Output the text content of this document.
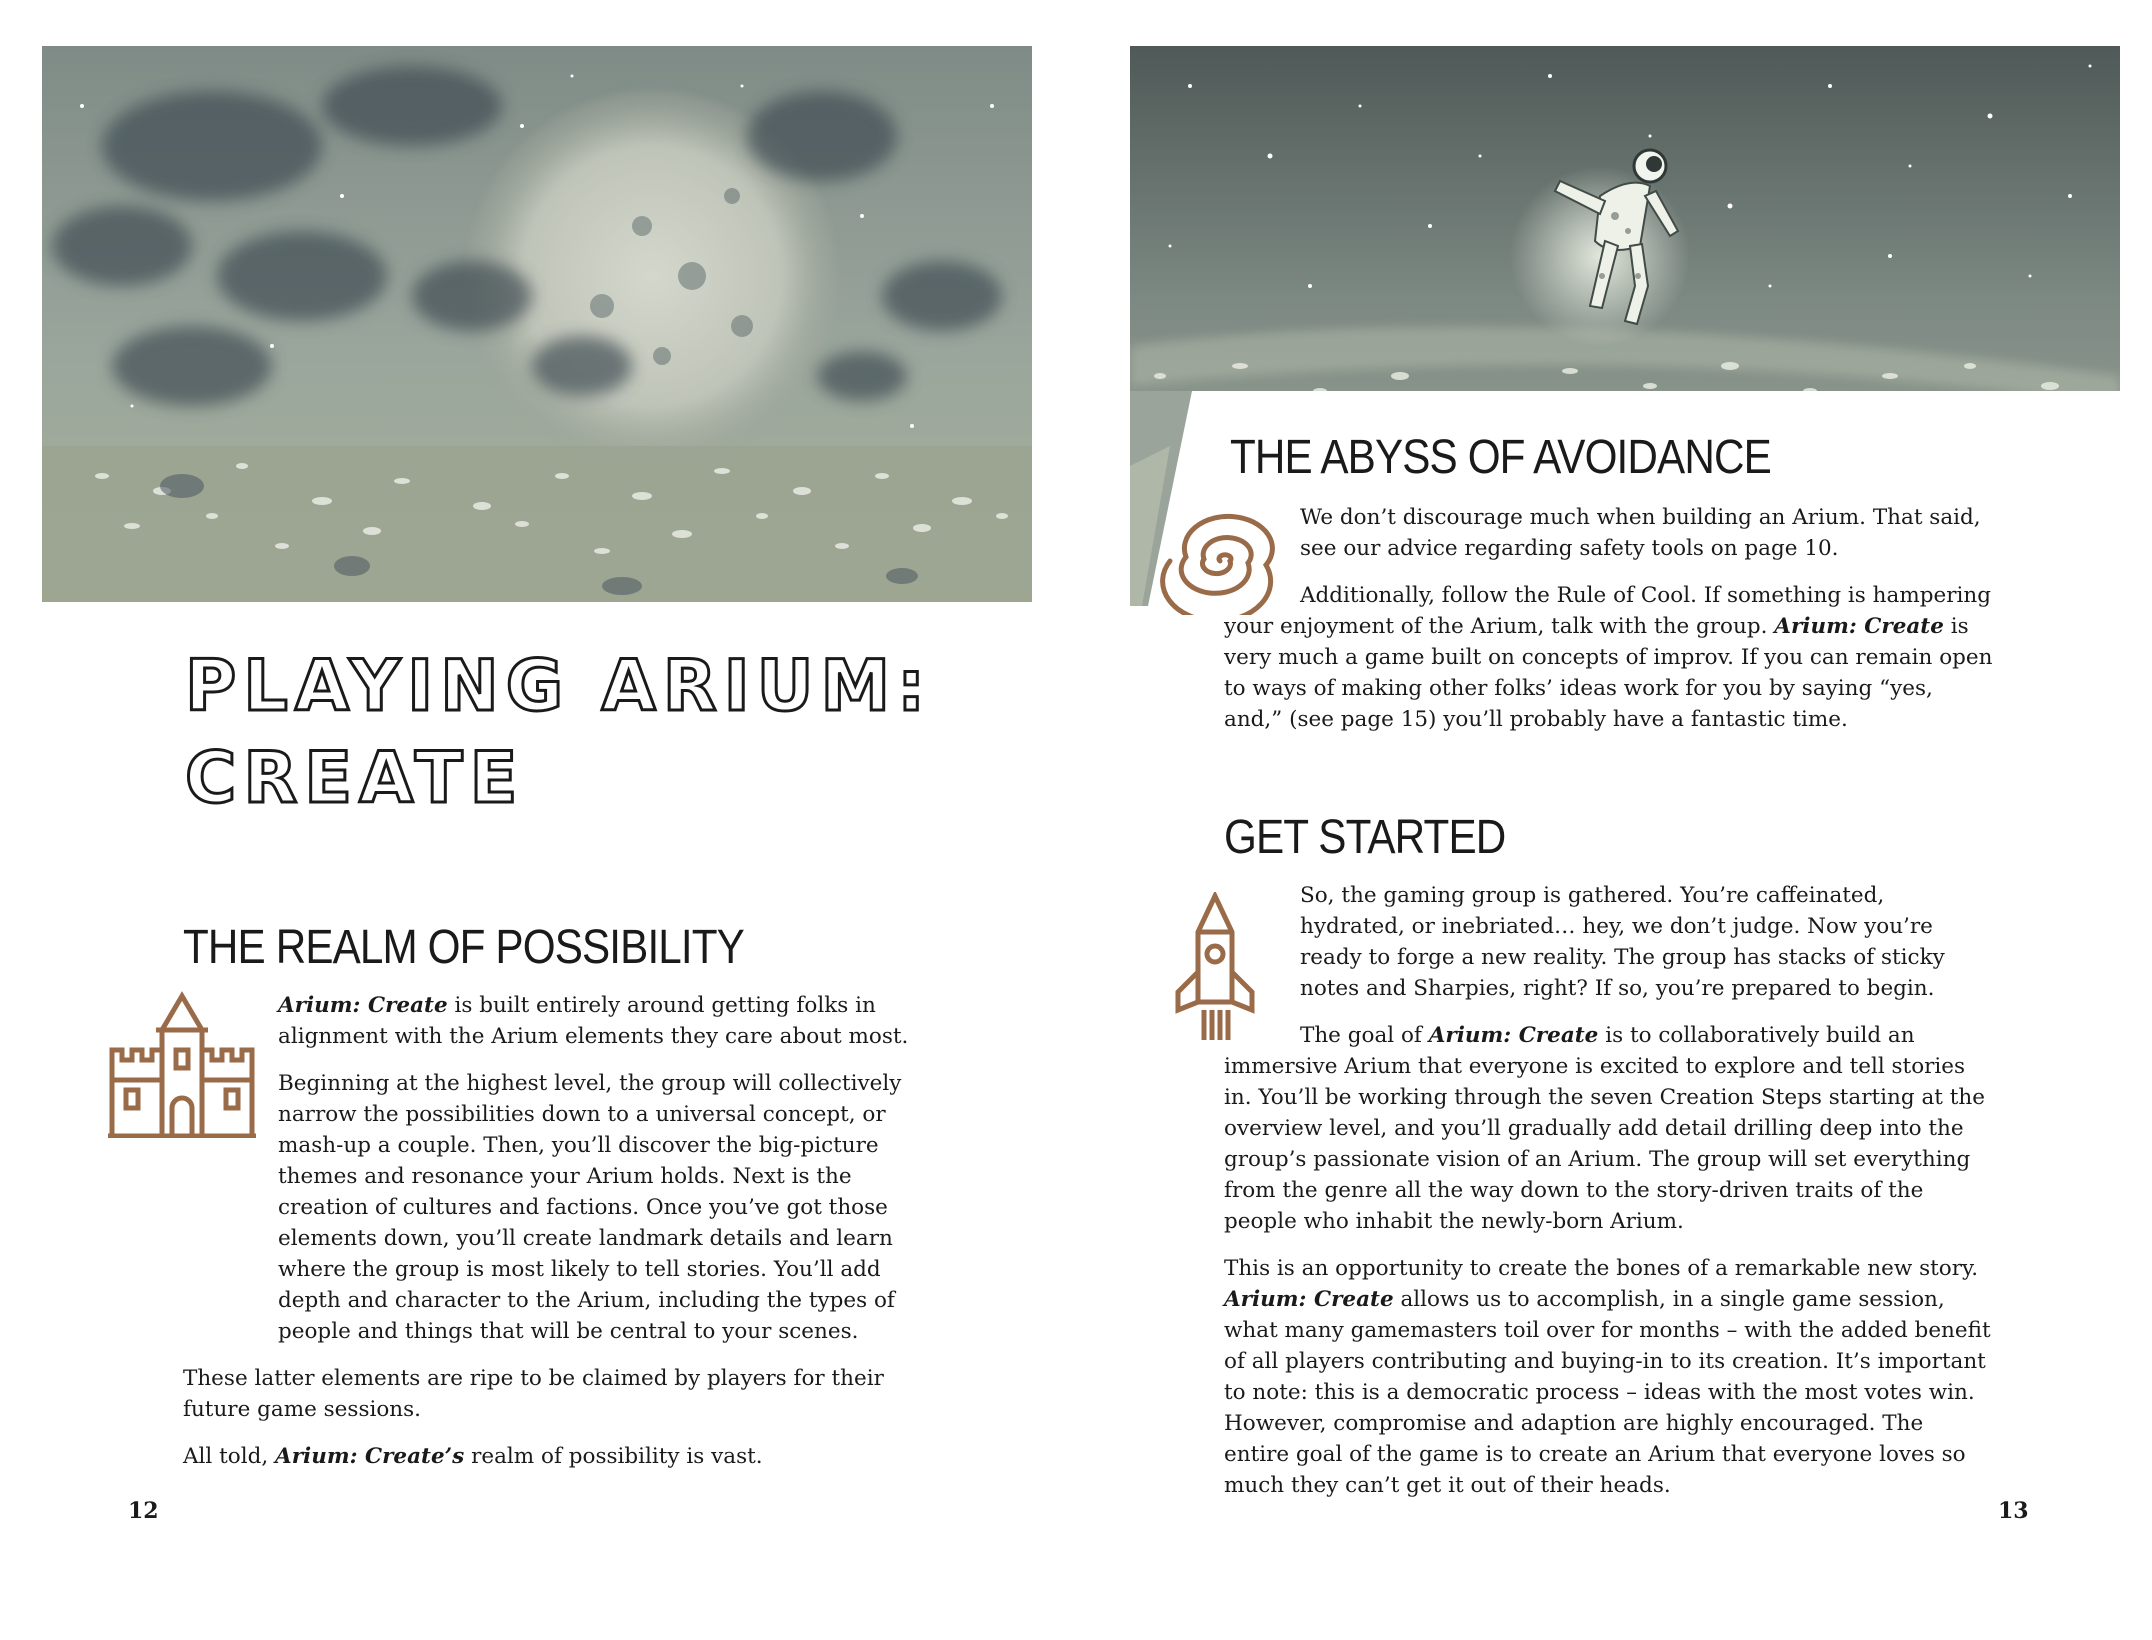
PLAYING ARIUM:
CREATE
THE REALM OF POSSIBILITY

Arium: Create is built entirely around getting folks in alignment with the Arium elements they care about most.

Beginning at the highest level, the group will collectively narrow the possibilities down to a universal concept, or mash-up a couple. Then, you’ll discover the big-picture themes and resonance your Arium holds. Next is the creation of cultures and factions. Once you’ve got those elements down, you’ll create landmark details and learn where the group is most likely to tell stories. You’ll add depth and character to the Arium, including the types of people and things that will be central to your scenes.

These latter elements are ripe to be claimed by players for their future game sessions.

All told, Arium: Create’s realm of possibility is vast.

12	13
THE ABYSS OF AVOIDANCE

We don’t discourage much when building an Arium. That said, see our advice regarding safety tools on page 10.

Additionally, follow the Rule of Cool. If something is hampering your enjoyment of the Arium, talk with the group. Arium: Create is very much a game built on concepts of improv. If you can remain open to ways of making other folks’ ideas work for you by saying “yes, and,” (see page 15) you’ll probably have a fantastic time.

GET STARTED

So, the gaming group is gathered. You’re caffeinated, hydrated, or inebriated… hey, we don’t judge. Now you’re ready to forge a new reality. The group has stacks of sticky notes and Sharpies, right? If so, you’re prepared to begin.

The goal of Arium: Create is to collaboratively build an immersive Arium that everyone is excited to explore and tell stories in. You’ll be working through the seven Creation Steps starting at the overview level, and you’ll gradually add detail drilling deep into the group’s passionate vision of an Arium. The group will set everything from the genre all the way down to the story-driven traits of the people who inhabit the newly-born Arium.

This is an opportunity to create the bones of a remarkable new story. Arium: Create allows us to accomplish, in a single game session, what many gamemasters toil over for months – with the added benefit of all players contributing and buying-in to its creation. It’s important to note: this is a democratic process – ideas with the most votes win. However, compromise and adaption are highly encouraged. The entire goal of the game is to create an Arium that everyone loves so much they can’t get it out of their heads.
